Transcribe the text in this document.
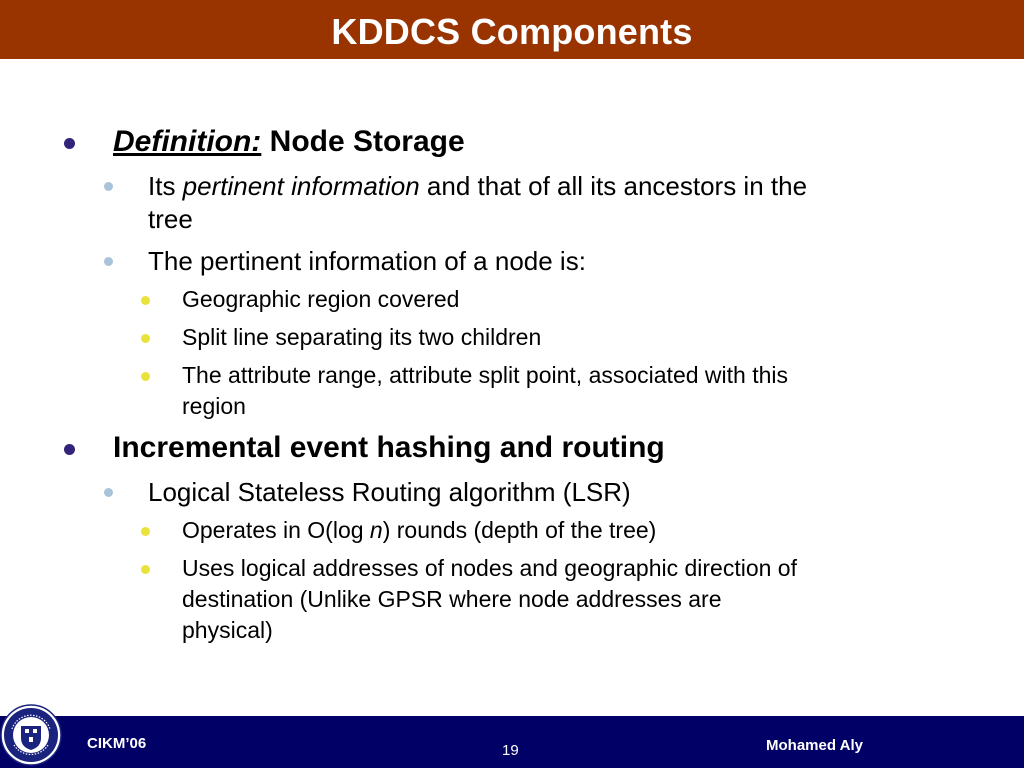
KDDCS Components
Definition: Node Storage
Its pertinent information and that of all its ancestors in the
tree
The pertinent information of a node is:
Geographic region covered
Split line separating its two children
The attribute range, attribute split point, associated with this
region
Incremental event hashing and routing
Logical Stateless Routing algorithm (LSR)
Operates in O(log n) rounds (depth of the tree)
Uses logical addresses of nodes and geographic direction of
destination (Unlike GPSR where node addresses are
physical)
CIKM’06	19	Mohamed Aly
